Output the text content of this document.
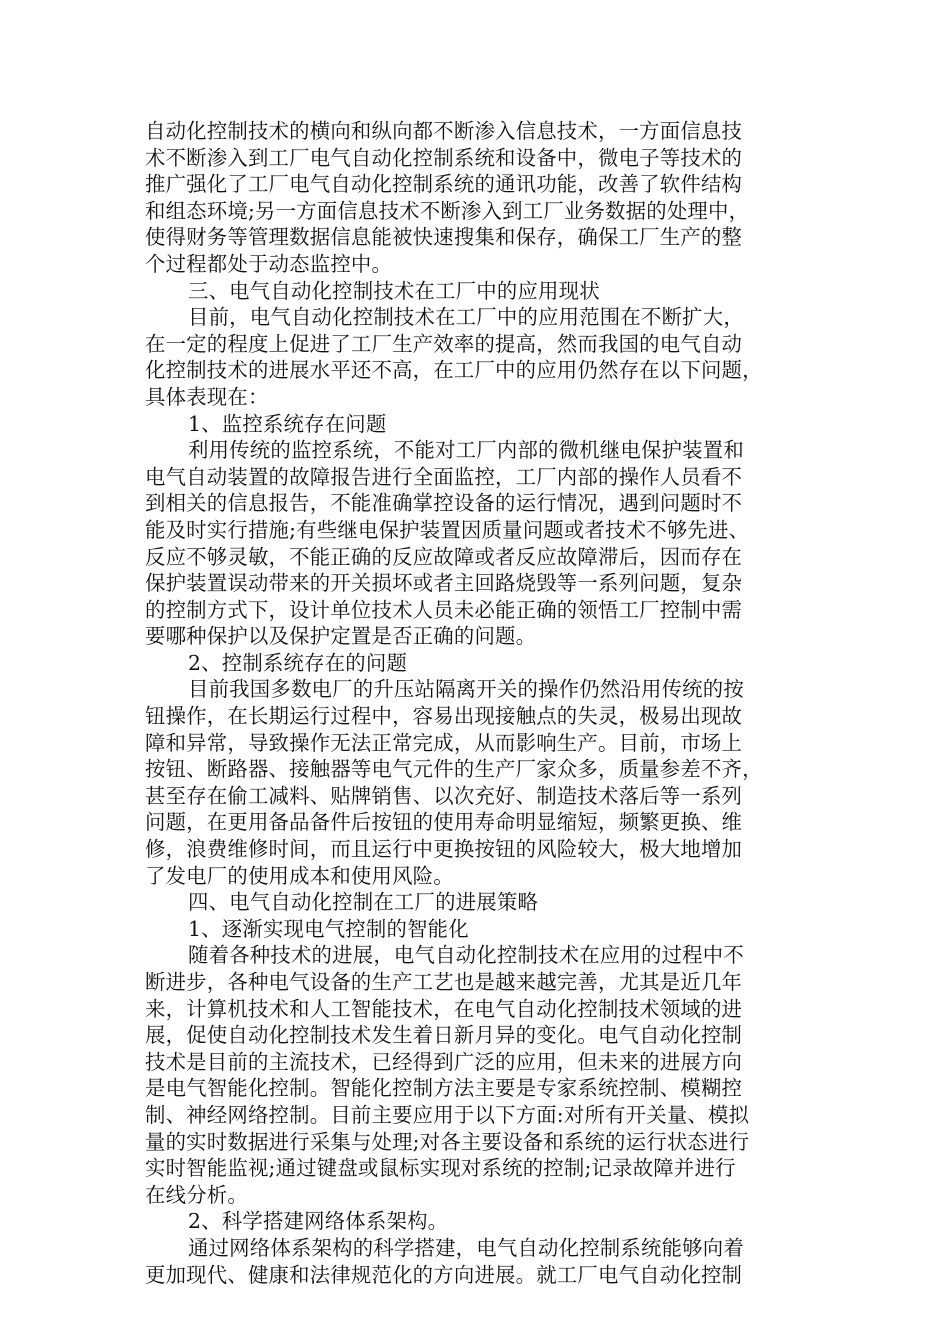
自动化控制技术的横向和纵向都不断渗入信息技术，一方面信息技
术不断渗入到工厂电气自动化控制系统和设备中，微电子等技术的
推广强化了工厂电气自动化控制系统的通讯功能，改善了软件结构
和组态环境;另一方面信息技术不断渗入到工厂业务数据的处理中，
使得财务等管理数据信息能被快速搜集和保存，确保工厂生产的整
个过程都处于动态监控中。
三、电气自动化控制技术在工厂中的应用现状
目前，电气自动化控制技术在工厂中的应用范围在不断扩大，
在一定的程度上促进了工厂生产效率的提高，然而我国的电气自动
化控制技术的进展水平还不高，在工厂中的应用仍然存在以下问题，
具体表现在：
1、监控系统存在问题
利用传统的监控系统，不能对工厂内部的微机继电保护装置和
电气自动装置的故障报告进行全面监控，工厂内部的操作人员看不
到相关的信息报告，不能准确掌控设备的运行情况，遇到问题时不
能及时实行措施;有些继电保护装置因质量问题或者技术不够先进、
反应不够灵敏，不能正确的反应故障或者反应故障滞后，因而存在
保护装置误动带来的开关损坏或者主回路烧毁等一系列问题，复杂
的控制方式下，设计单位技术人员未必能正确的领悟工厂控制中需
要哪种保护以及保护定置是否正确的问题。
2、控制系统存在的问题
目前我国多数电厂的升压站隔离开关的操作仍然沿用传统的按
钮操作，在长期运行过程中，容易出现接触点的失灵，极易出现故
障和异常，导致操作无法正常完成，从而影响生产。目前，市场上
按钮、断路器、接触器等电气元件的生产厂家众多，质量参差不齐，
甚至存在偷工减料、贴牌销售、以次充好、制造技术落后等一系列
问题，在更用备品备件后按钮的使用寿命明显缩短，频繁更换、维
修，浪费维修时间，而且运行中更换按钮的风险较大，极大地增加
了发电厂的使用成本和使用风险。
四、电气自动化控制在工厂的进展策略
1、逐渐实现电气控制的智能化
随着各种技术的进展，电气自动化控制技术在应用的过程中不
断进步，各种电气设备的生产工艺也是越来越完善，尤其是近几年
来，计算机技术和人工智能技术，在电气自动化控制技术领域的进
展，促使自动化控制技术发生着日新月异的变化。电气自动化控制
技术是目前的主流技术，已经得到广泛的应用，但未来的进展方向
是电气智能化控制。智能化控制方法主要是专家系统控制、模糊控
制、神经网络控制。目前主要应用于以下方面:对所有开关量、模拟
量的实时数据进行采集与处理;对各主要设备和系统的运行状态进行
实时智能监视;通过键盘或鼠标实现对系统的控制;记录故障并进行
在线分析。
2、科学搭建网络体系架构。
通过网络体系架构的科学搭建，电气自动化控制系统能够向着
更加现代、健康和法律规范化的方向进展。就工厂电气自动化控制
